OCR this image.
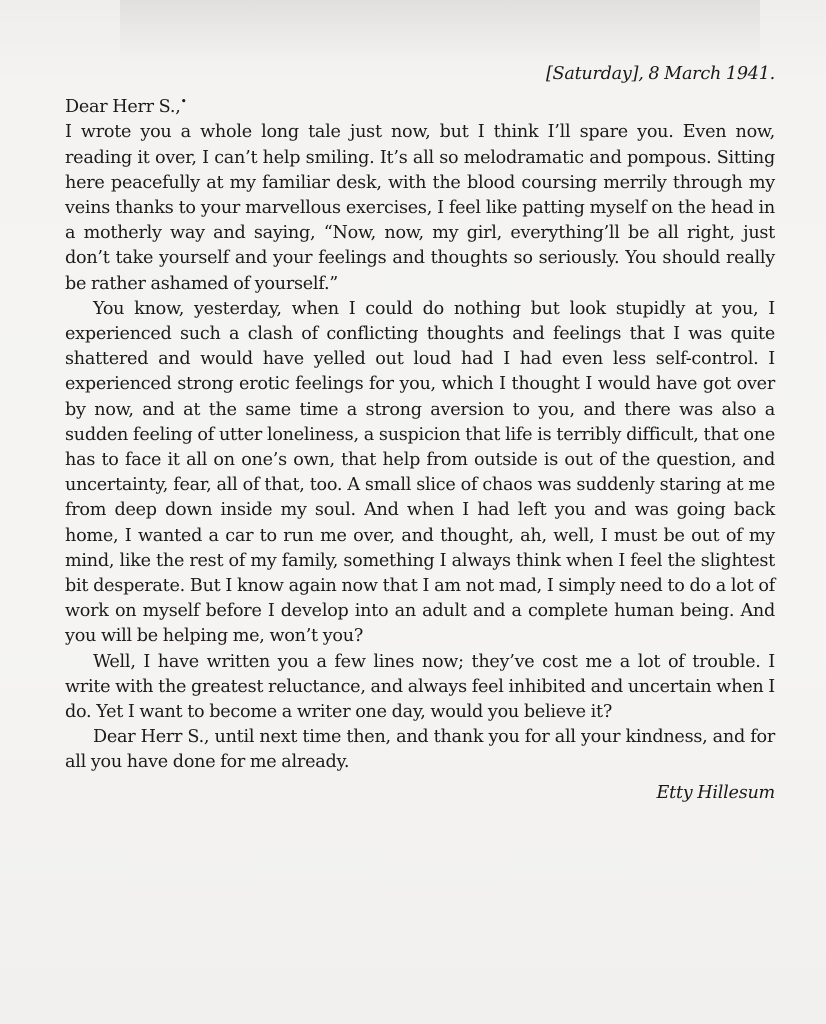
[Saturday], 8 March 1941.
Dear Herr S.,•

I wrote you a whole long tale just now, but I think I’ll spare you. Even now, reading it over, I can’t help smiling. It’s all so melodramatic and pompous. Sitting here peacefully at my familiar desk, with the blood coursing merrily through my veins thanks to your marvellous exercises, I feel like patting myself on the head in a motherly way and saying, “Now, now, my girl, everything’ll be all right, just don’t take yourself and your feelings and thoughts so seriously. You should really be rather ashamed of yourself.”

You know, yesterday, when I could do nothing but look stupidly at you, I experienced such a clash of conflicting thoughts and feelings that I was quite shattered and would have yelled out loud had I had even less self-control. I experienced strong erotic feelings for you, which I thought I would have got over by now, and at the same time a strong aversion to you, and there was also a sudden feeling of utter loneliness, a suspicion that life is terribly difficult, that one has to face it all on one’s own, that help from outside is out of the question, and uncertainty, fear, all of that, too. A small slice of chaos was suddenly staring at me from deep down inside my soul. And when I had left you and was going back home, I wanted a car to run me over, and thought, ah, well, I must be out of my mind, like the rest of my family, something I always think when I feel the slightest bit desperate. But I know again now that I am not mad, I simply need to do a lot of work on myself before I develop into an adult and a complete human being. And you will be helping me, won’t you?

Well, I have written you a few lines now; they’ve cost me a lot of trouble. I write with the greatest reluctance, and always feel inhibited and uncertain when I do. Yet I want to become a writer one day, would you believe it?

Dear Herr S., until next time then, and thank you for all your kindness, and for all you have done for me already.

Etty Hillesum
